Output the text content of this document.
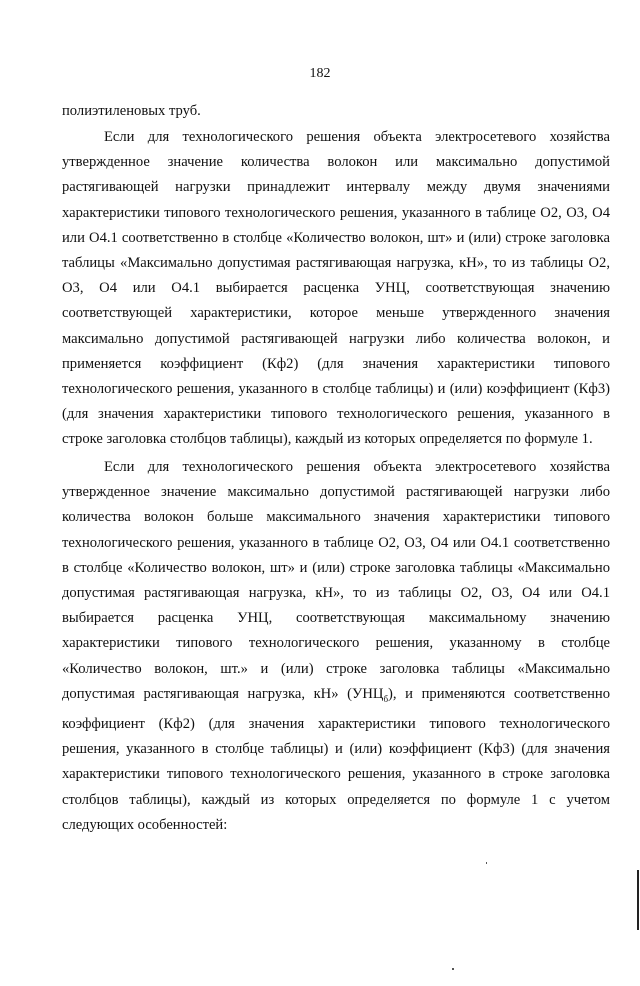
182

полиэтиленовых труб.

Если для технологического решения объекта электросетевого хозяйства утвержденное значение количества волокон или максимально допустимой растягивающей нагрузки принадлежит интервалу между двумя значениями характеристики типового технологического решения, указанного в таблице О2, О3, О4 или О4.1 соответственно в столбце «Количество волокон, шт» и (или) строке заголовка таблицы «Максимально допустимая растягивающая нагрузка, кН», то из таблицы О2, О3, О4 или О4.1 выбирается расценка УНЦ, соответствующая значению соответствующей характеристики, которое меньше утвержденного значения максимально допустимой растягивающей нагрузки либо количества волокон, и применяется коэффициент (Кф2) (для значения характеристики типового технологического решения, указанного в столбце таблицы) и (или) коэффициент (Кф3) (для значения характеристики типового технологического решения, указанного в строке заголовка столбцов таблицы), каждый из которых определяется по формуле 1.

Если для технологического решения объекта электросетевого хозяйства утвержденное значение максимально допустимой растягивающей нагрузки либо количества волокон больше максимального значения характеристики типового технологического решения, указанного в таблице О2, О3, О4 или О4.1 соответственно в столбце «Количество волокон, шт» и (или) строке заголовка таблицы «Максимально допустимая растягивающая нагрузка, кН», то из таблицы О2, О3, О4 или О4.1 выбирается расценка УНЦ, соответствующая максимальному значению характеристики типового технологического решения, указанному в столбце «Количество волокон, шт.» и (или) строке заголовка таблицы «Максимально допустимая растягивающая нагрузка, кН» $(УНЦ_б)$, и применяются соответственно коэффициент (Кф2) (для значения характеристики типового технологического решения, указанного в столбце таблицы) и (или) коэффициент (Кф3) (для значения характеристики типового технологического решения, указанного в строке заголовка столбцов таблицы), каждый из которых определяется по формуле 1 с учетом следующих особенностей:
